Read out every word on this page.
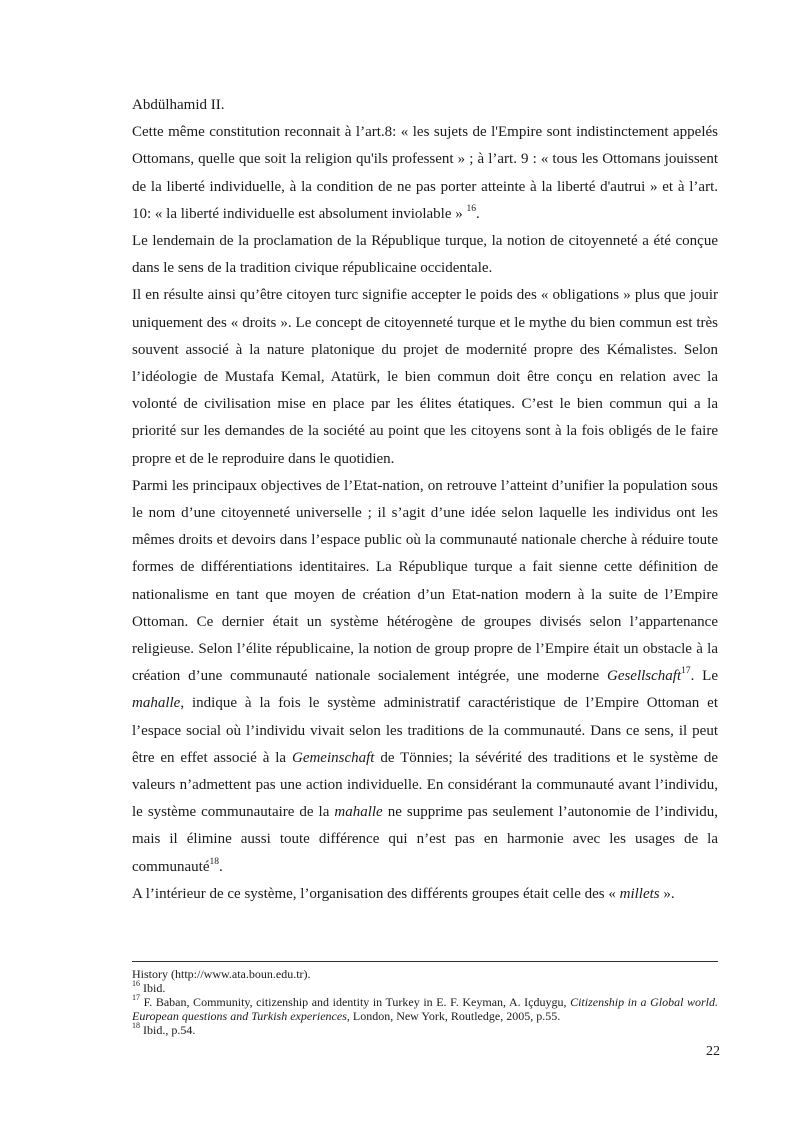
Abdülhamid II.

Cette même constitution reconnait à l’art.8: « les sujets de l'Empire sont indistinctement appelés Ottomans, quelle que soit la religion qu'ils professent » ; à l’art. 9 : « tous les Ottomans jouissent de la liberté individuelle, à la condition de ne pas porter atteinte à la liberté d'autrui » et à l’art. 10: « la liberté individuelle est absolument inviolable » $^{16}$.

Le lendemain de la proclamation de la République turque, la notion de citoyenneté a été conçue dans le sens de la tradition civique républicaine occidentale.

Il en résulte ainsi qu’être citoyen turc signifie accepter le poids des « obligations » plus que jouir uniquement des « droits ». Le concept de citoyenneté turque et le mythe du bien commun est très souvent associé à la nature platonique du projet de modernité propre des Kémalistes. Selon l’idéologie de Mustafa Kemal, Atatürk, le bien commun doit être conçu en relation avec la volonté de civilisation mise en place par les élites étatiques. C’est le bien commun qui a la priorité sur les demandes de la société au point que les citoyens sont à la fois obligés de le faire propre et de le reproduire dans le quotidien.

Parmi les principaux objectives de l’Etat-nation, on retrouve l’atteint d’unifier la population sous le nom d’une citoyenneté universelle ; il s’agit d’une idée selon laquelle les individus ont les mêmes droits et devoirs dans l’espace public où la communauté nationale cherche à réduire toute formes de différentiations identitaires. La République turque a fait sienne cette définition de nationalisme en tant que moyen de création d’un Etat-nation modern à la suite de l’Empire Ottoman. Ce dernier était un système hétérogène de groupes divisés selon l’appartenance religieuse. Selon l’élite républicaine, la notion de group propre de l’Empire était un obstacle à la création d’une communauté nationale socialement intégrée, une moderne Gesellschaft$^{17}$. Le mahalle, indique à la fois le système administratif caractéristique de l’Empire Ottoman et l’espace social où l’individu vivait selon les traditions de la communauté. Dans ce sens, il peut être en effet associé à la Gemeinschaft de Tönnies; la sévérité des traditions et le système de valeurs n’admettent pas une action individuelle. En considérant la communauté avant l’individu, le système communautaire de la mahalle ne supprime pas seulement l’autonomie de l’individu, mais il élimine aussi toute différence qui n’est pas en harmonie avec les usages de la communauté$^{18}$.

A l’intérieur de ce système, l’organisation des différents groupes était celle des « millets ».

History (http://www.ata.boun.edu.tr).

$^{16}$ Ibid.

$^{17}$ F. Baban, Community, citizenship and identity in Turkey in E. F. Keyman, A. Içduygu, Citizenship in a Global world. European questions and Turkish experiences, London, New York, Routledge, 2005, p.55.

$^{18}$ Ibid., p.54.

22
